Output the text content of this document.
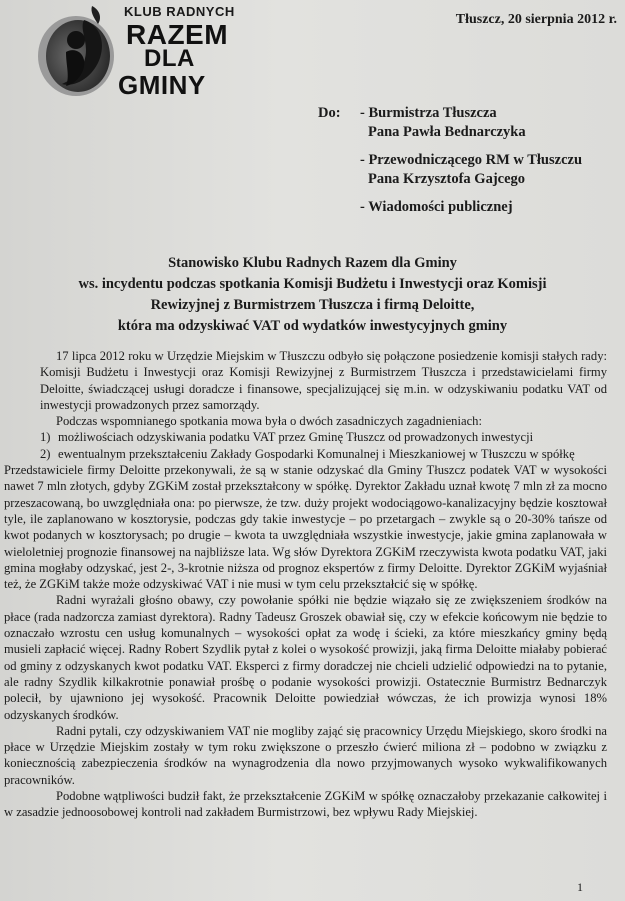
KLUB RADNYCH
RAZEM
DLA
GMINY
Tłuszcz, 20 sierpnia 2012 r.
Do: - Burmistrza Tłuszcza
Pana Pawła Bednarczyka
- Przewodniczącego RM w Tłuszczu
Pana Krzysztofa Gajcego
- Wiadomości publicznej
Stanowisko Klubu Radnych Razem dla Gminy
ws. incydentu podczas spotkania Komisji Budżetu i Inwestycji oraz Komisji
Rewizyjnej z Burmistrzem Tłuszcza i firmą Deloitte,
która ma odzyskiwać VAT od wydatków inwestycyjnych gminy

17 lipca 2012 roku w Urzędzie Miejskim w Tłuszczu odbyło się połączone posiedzenie komisji stałych rady: Komisji Budżetu i Inwestycji oraz Komisji Rewizyjnej z Burmistrzem Tłuszcza i przedstawicielami firmy Deloitte, świadczącej usługi doradcze i finansowe, specjalizującej się m.in. w odzyskiwaniu podatku VAT od inwestycji prowadzonych przez samorządy.

Podczas wspomnianego spotkania mowa była o dwóch zasadniczych zagadnieniach:

1) możliwościach odzyskiwania podatku VAT przez Gminę Tłuszcz od prowadzonych inwestycji
2) ewentualnym przekształceniu Zakłady Gospodarki Komunalnej i Mieszkaniowej w Tłuszczu w spółkę

Przedstawiciele firmy Deloitte przekonywali, że są w stanie odzyskać dla Gminy Tłuszcz podatek VAT w wysokości nawet 7 mln złotych, gdyby ZGKiM został przekształcony w spółkę. Dyrektor Zakładu uznał kwotę 7 mln zł za mocno przeszacowaną, bo uwzględniała ona: po pierwsze, że tzw. duży projekt wodociągowo-kanalizacyjny będzie kosztował tyle, ile zaplanowano w kosztorysie, podczas gdy takie inwestycje – po przetargach – zwykle są o 20-30% tańsze od kwot podanych w kosztorysach; po drugie – kwota ta uwzględniała wszystkie inwestycje, jakie gmina zaplanowała w wieloletniej prognozie finansowej na najbliższe lata. Wg słów Dyrektora ZGKiM rzeczywista kwota podatku VAT, jaki gmina mogłaby odzyskać, jest 2-, 3-krotnie niższa od prognoz ekspertów z firmy Deloitte. Dyrektor ZGKiM wyjaśniał też, że ZGKiM także może odzyskiwać VAT i nie musi w tym celu przekształcić się w spółkę.

Radni wyrażali głośno obawy, czy powołanie spółki nie będzie wiązało się ze zwiększeniem środków na płace (rada nadzorcza zamiast dyrektora). Radny Tadeusz Groszek obawiał się, czy w efekcie końcowym nie będzie to oznaczało wzrostu cen usług komunalnych – wysokości opłat za wodę i ścieki, za które mieszkańcy gminy będą musieli zapłacić więcej. Radny Robert Szydlik pytał z kolei o wysokość prowizji, jaką firma Deloitte miałaby pobierać od gminy z odzyskanych kwot podatku VAT. Eksperci z firmy doradczej nie chcieli udzielić odpowiedzi na to pytanie, ale radny Szydlik kilkakrotnie ponawiał prośbę o podanie wysokości prowizji. Ostatecznie Burmistrz Bednarczyk polecił, by ujawniono jej wysokość. Pracownik Deloitte powiedział wówczas, że ich prowizja wynosi 18% odzyskanych środków.

Radni pytali, czy odzyskiwaniem VAT nie mogliby zająć się pracownicy Urzędu Miejskiego, skoro środki na płace w Urzędzie Miejskim zostały w tym roku zwiększone o przeszło ćwierć miliona zł – podobno w związku z koniecznością zabezpieczenia środków na wynagrodzenia dla nowo przyjmowanych wysoko wykwalifikowanych pracowników.

Podobne wątpliwości budził fakt, że przekształcenie ZGKiM w spółkę oznaczałoby przekazanie całkowitej i w zasadzie jednoosobowej kontroli nad zakładem Burmistrzowi, bez wpływu Rady Miejskiej.

1
